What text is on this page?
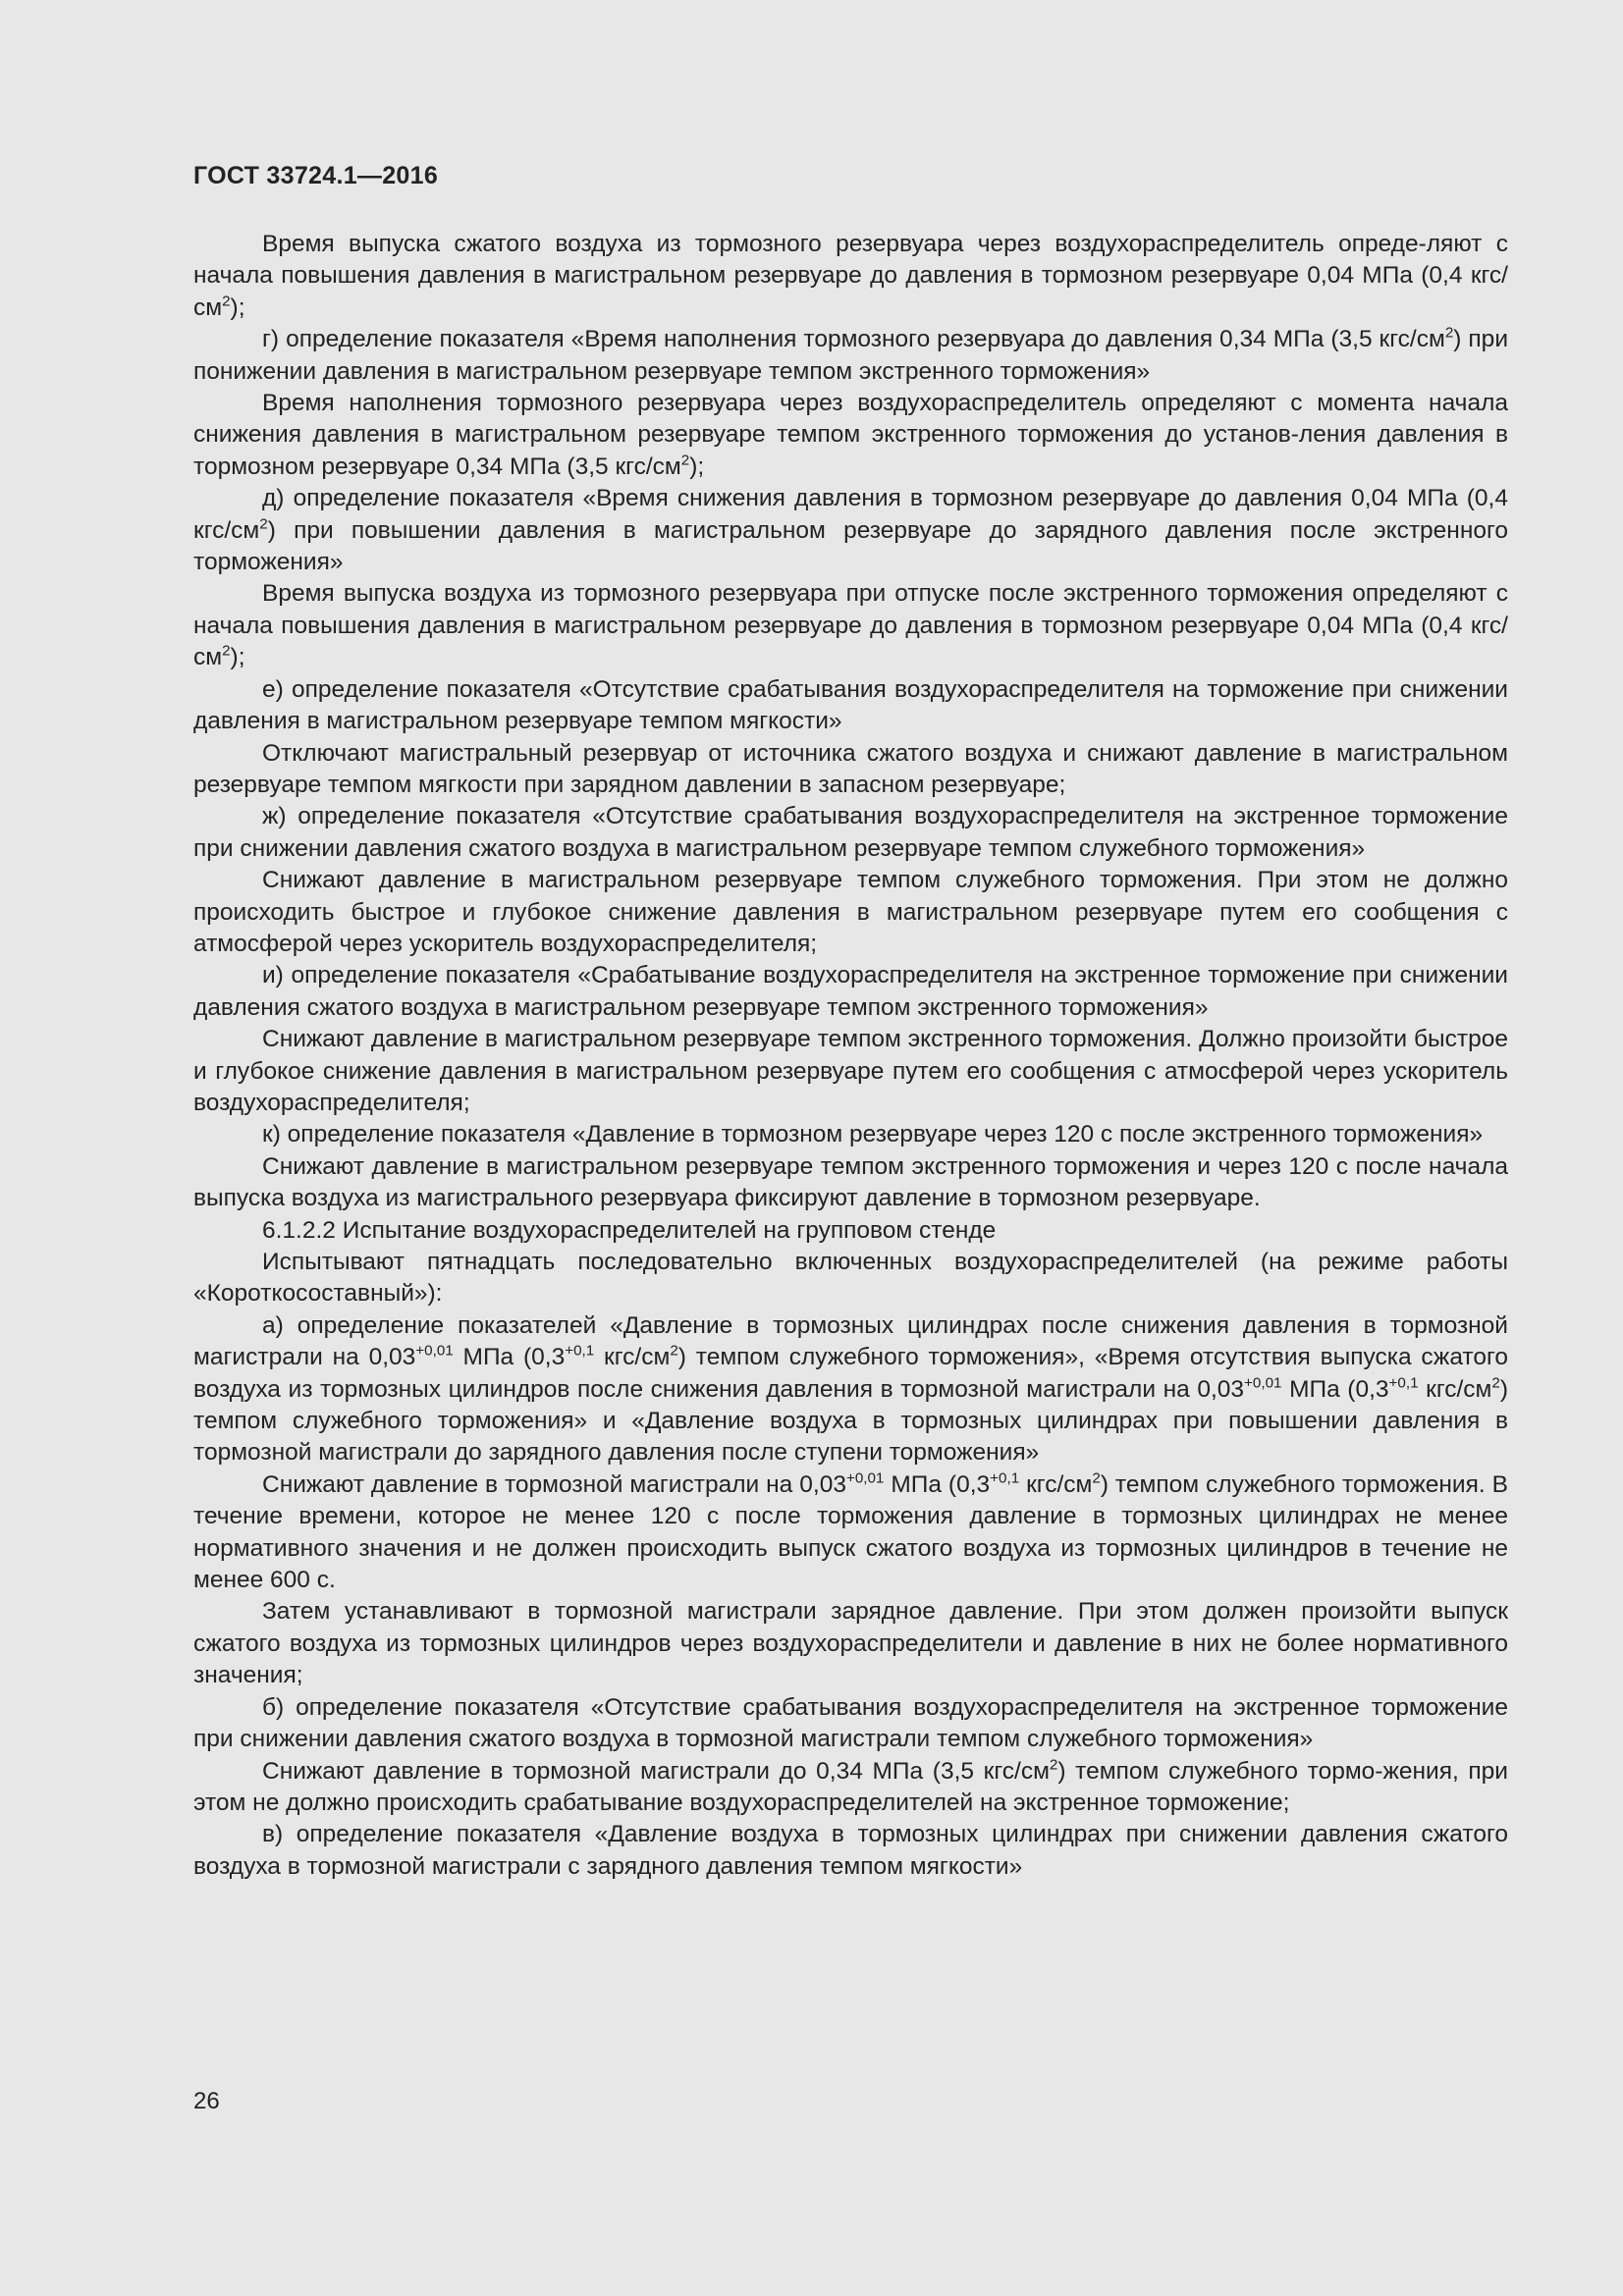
ГОСТ 33724.1—2016

Время выпуска сжатого воздуха из тормозного резервуара через воздухораспределитель опреде-ляют с начала повышения давления в магистральном резервуаре до давления в тормозном резервуаре 0,04 МПа (0,4 кгс/$см^2$);

г) определение показателя «Время наполнения тормозного резервуара до давления 0,34 МПа (3,5 кгс/$см^2$) при понижении давления в магистральном резервуаре темпом экстренного торможения»

Время наполнения тормозного резервуара через воздухораспределитель определяют с момента начала снижения давления в магистральном резервуаре темпом экстренного торможения до установ-ления давления в тормозном резервуаре 0,34 МПа (3,5 кгс/$см^2$);

д) определение показателя «Время снижения давления в тормозном резервуаре до давления 0,04 МПа (0,4 кгс/$см^2$) при повышении давления в магистральном резервуаре до зарядного давления после экстренного торможения»

Время выпуска воздуха из тормозного резервуара при отпуске после экстренного торможения определяют с начала повышения давления в магистральном резервуаре до давления в тормозном резервуаре 0,04 МПа (0,4 кгс/$см^2$);

е) определение показателя «Отсутствие срабатывания воздухораспределителя на торможение при снижении давления в магистральном резервуаре темпом мягкости»

Отключают магистральный резервуар от источника сжатого воздуха и снижают давление в магистральном резервуаре темпом мягкости при зарядном давлении в запасном резервуаре;

ж) определение показателя «Отсутствие срабатывания воздухораспределителя на экстренное торможение при снижении давления сжатого воздуха в магистральном резервуаре темпом служебного торможения»

Снижают давление в магистральном резервуаре темпом служебного торможения. При этом не должно происходить быстрое и глубокое снижение давления в магистральном резервуаре путем его сообщения с атмосферой через ускоритель воздухораспределителя;

и) определение показателя «Срабатывание воздухораспределителя на экстренное торможение при снижении давления сжатого воздуха в магистральном резервуаре темпом экстренного торможения»

Снижают давление в магистральном резервуаре темпом экстренного торможения. Должно произойти быстрое и глубокое снижение давления в магистральном резервуаре путем его сообщения с атмосферой через ускоритель воздухораспределителя;

к) определение показателя «Давление в тормозном резервуаре через 120 с после экстренного торможения»

Снижают давление в магистральном резервуаре темпом экстренного торможения и через 120 с после начала выпуска воздуха из магистрального резервуара фиксируют давление в тормозном резервуаре.

6.1.2.2 Испытание воздухораспределителей на групповом стенде

Испытывают пятнадцать последовательно включенных воздухораспределителей (на режиме работы «Короткосоставный»):

а) определение показателей «Давление в тормозных цилиндрах после снижения давления в тормозной магистрали на $0,03^{+0,01}$ МПа ($0,3^{+0,1}$ кгс/$см^2$) темпом служебного торможения», «Время отсутствия выпуска сжатого воздуха из тормозных цилиндров после снижения давления в тормозной магистрали на $0,03^{+0,01}$ МПа ($0,3^{+0,1}$ кгс/$см^2$) темпом служебного торможения» и «Давление воздуха в тормозных цилиндрах при повышении давления в тормозной магистрали до зарядного давления после ступени торможения»

Снижают давление в тормозной магистрали на $0,03^{+0,01}$ МПа ($0,3^{+0,1}$ кгс/$см^2$) темпом служебного торможения. В течение времени, которое не менее 120 с после торможения давление в тормозных цилиндрах не менее нормативного значения и не должен происходить выпуск сжатого воздуха из тормозных цилиндров в течение не менее 600 с.

Затем устанавливают в тормозной магистрали зарядное давление. При этом должен произойти выпуск сжатого воздуха из тормозных цилиндров через воздухораспределители и давление в них не более нормативного значения;

б) определение показателя «Отсутствие срабатывания воздухораспределителя на экстренное торможение при снижении давления сжатого воздуха в тормозной магистрали темпом служебного торможения»

Снижают давление в тормозной магистрали до 0,34 МПа (3,5 кгс/$см^2$) темпом служебного тормо-жения, при этом не должно происходить срабатывание воздухораспределителей на экстренное торможение;

в) определение показателя «Давление воздуха в тормозных цилиндрах при снижении давления сжатого воздуха в тормозной магистрали с зарядного давления темпом мягкости»

26
